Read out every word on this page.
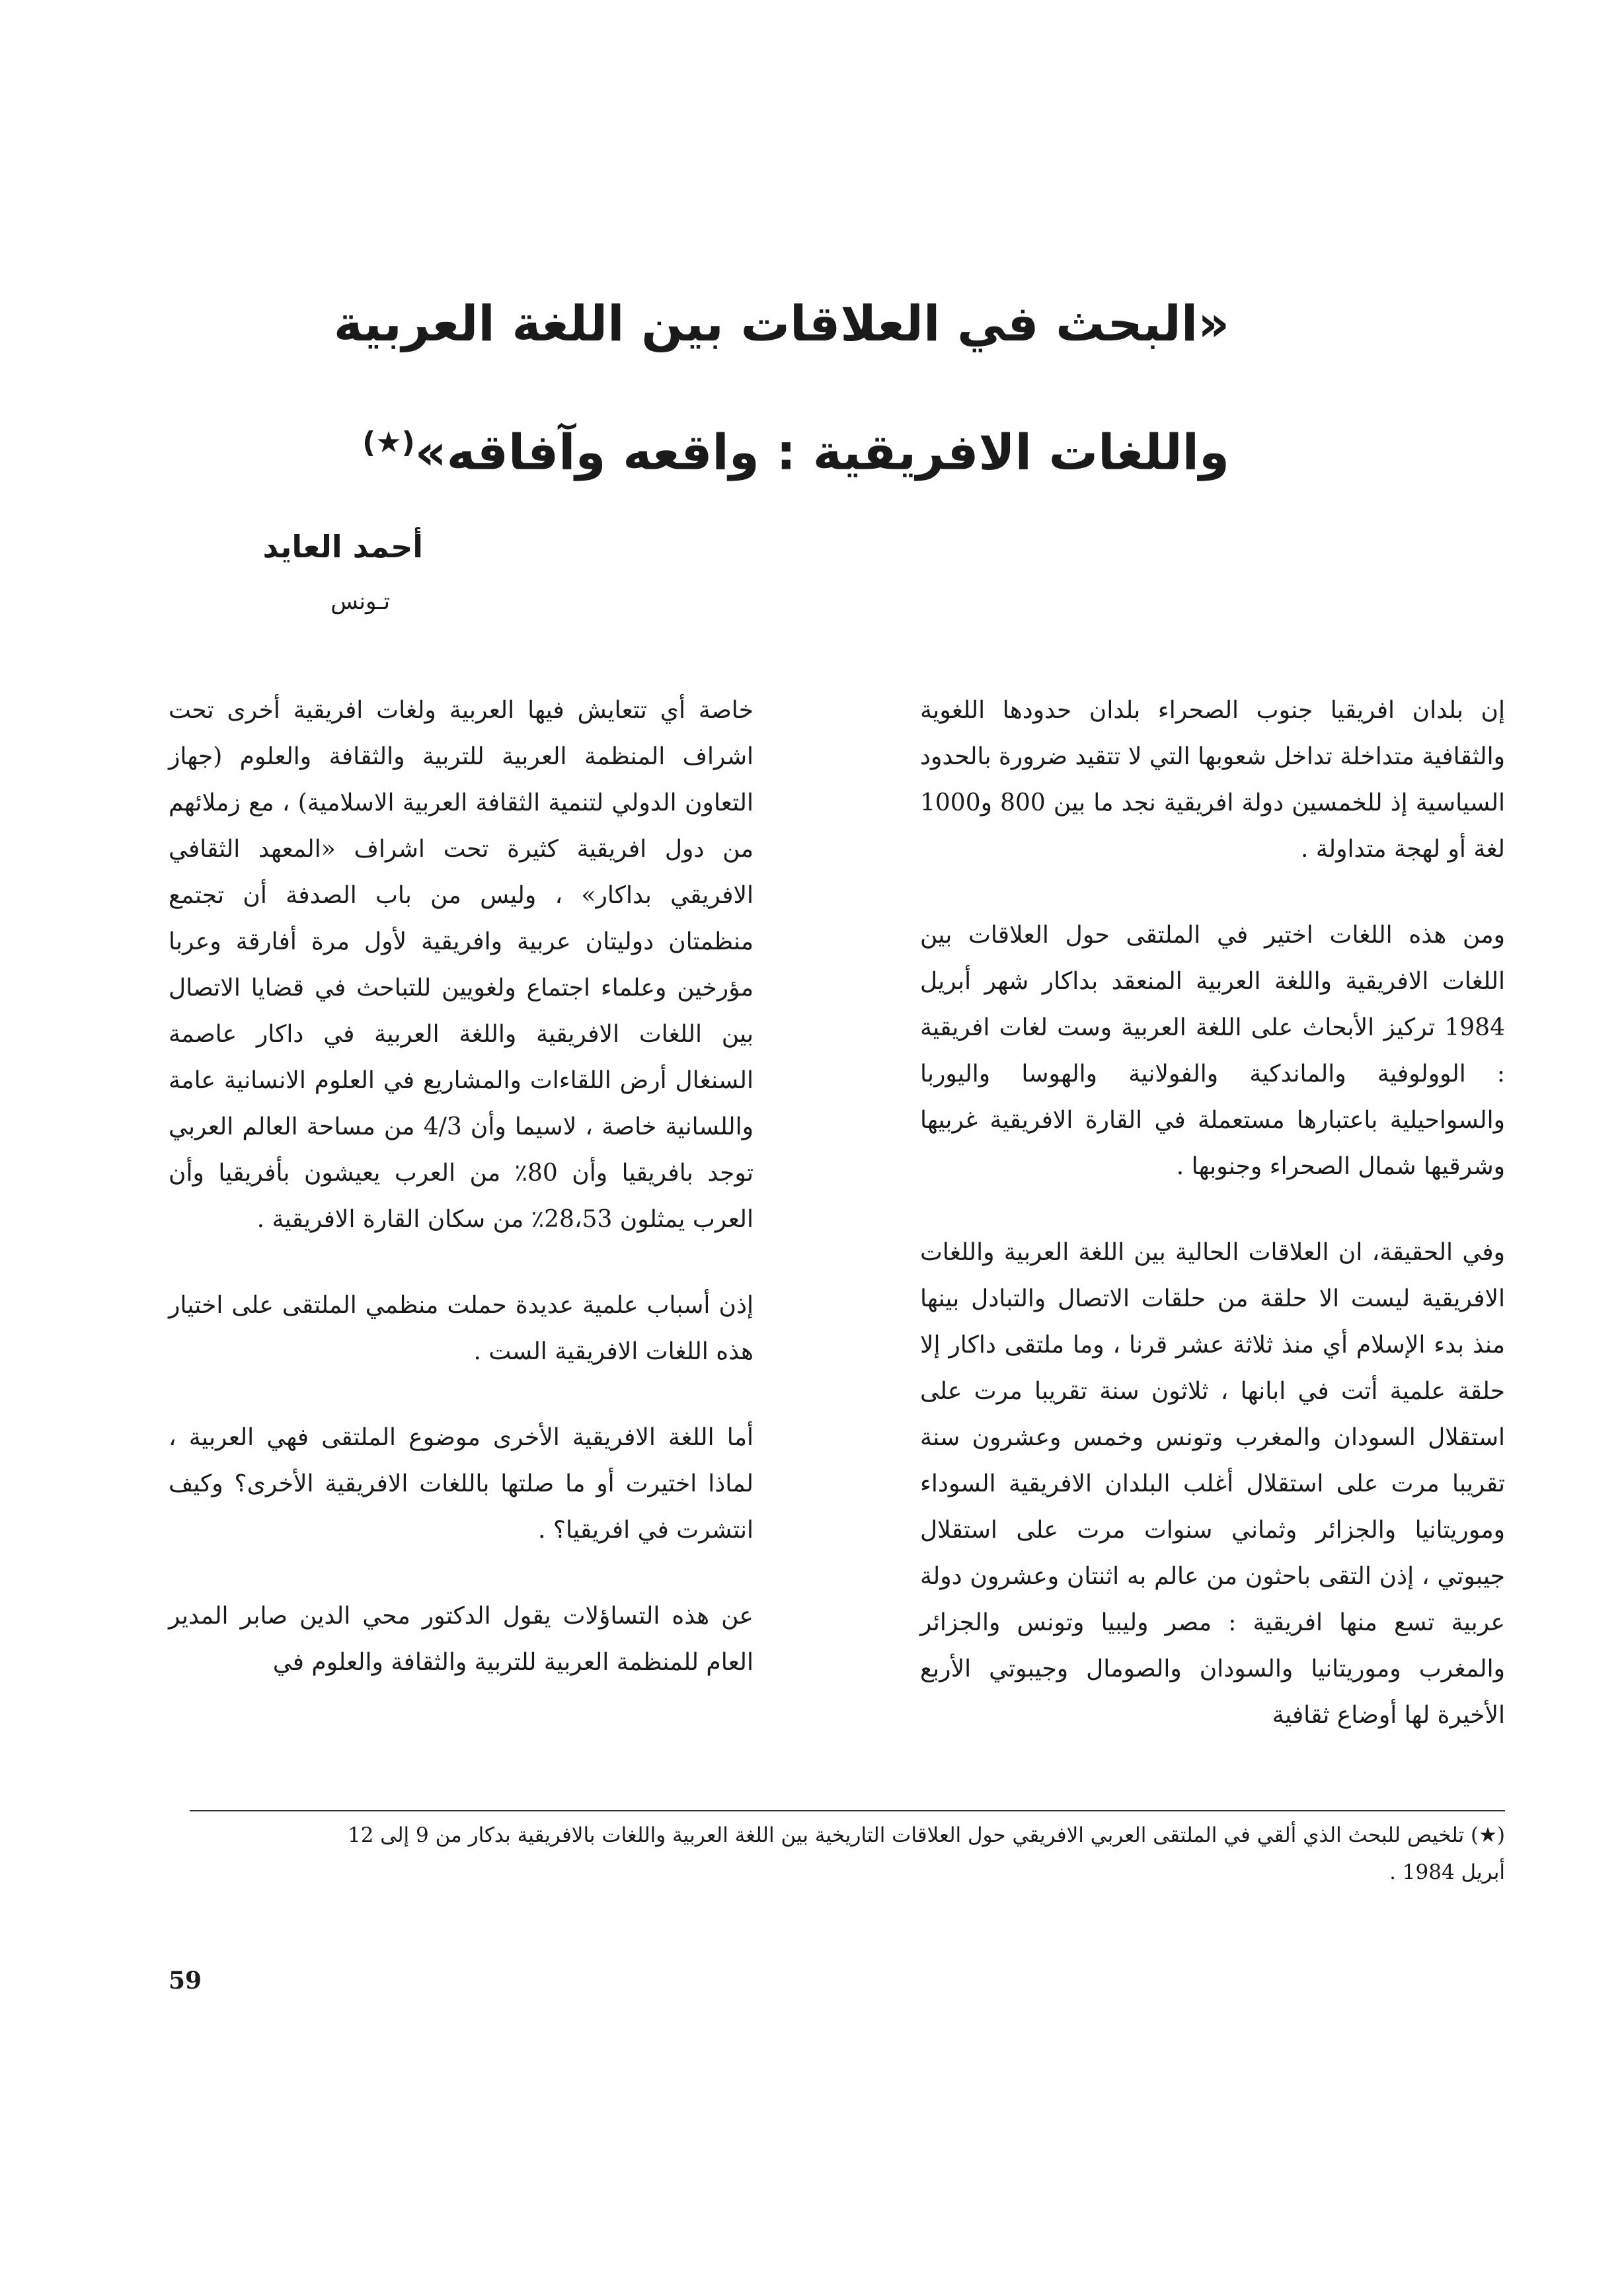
«البحث في العلاقات بين اللغة العربية
واللغات الافريقية : واقعه وآفاقه»(★)
أحمد العايد
تـونس

إن بلدان افريقيا جنوب الصحراء بلدان حدودها اللغوية والثقافية متداخلة تداخل شعوبها التي لا تتقيد ضرورة بالحدود السياسية إذ للخمسين دولة افريقية نجد ما بين 800 و1000 لغة أو لهجة متداولة .

ومن هذه اللغات اختير في الملتقى حول العلاقات بين اللغات الافريقية واللغة العربية المنعقد بداكار شهر أبريل 1984 تركيز الأبحاث على اللغة العربية وست لغات افريقية : الوولوفية والماندكية والفولانية والهوسا واليوربا والسواحيلية باعتبارها مستعملة في القارة الافريقية غربيها وشرقيها شمال الصحراء وجنوبها .

وفي الحقيقة، ان العلاقات الحالية بين اللغة العربية واللغات الافريقية ليست الا حلقة من حلقات الاتصال والتبادل بينها منذ بدء الإسلام أي منذ ثلاثة عشر قرنا ، وما ملتقى داكار إلا حلقة علمية أتت في ابانها ، ثلاثون سنة تقريبا مرت على استقلال السودان والمغرب وتونس وخمس وعشرون سنة تقريبا مرت على استقلال أغلب البلدان الافريقية السوداء وموريتانيا والجزائر وثماني سنوات مرت على استقلال جيبوتي ، إذن التقى باحثون من عالم به اثنتان وعشرون دولة عربية تسع منها افريقية : مصر وليبيا وتونس والجزائر والمغرب وموريتانيا والسودان والصومال وجيبوتي الأربع الأخيرة لها أوضاع ثقافية

خاصة أي تتعايش فيها العربية ولغات افريقية أخرى تحت اشراف المنظمة العربية للتربية والثقافة والعلوم (جهاز التعاون الدولي لتنمية الثقافة العربية الاسلامية) ، مع زملائهم من دول افريقية كثيرة تحت اشراف «المعهد الثقافي الافريقي بداكار» ، وليس من باب الصدفة أن تجتمع منظمتان دوليتان عربية وافريقية لأول مرة أفارقة وعربا مؤرخين وعلماء اجتماع ولغويين للتباحث في قضايا الاتصال بين اللغات الافريقية واللغة العربية في داكار عاصمة السنغال أرض اللقاءات والمشاريع في العلوم الانسانية عامة واللسانية خاصة ، لاسيما وأن 4/3 من مساحة العالم العربي توجد بافريقيا وأن 80٪ من العرب يعيشون بأفريقيا وأن العرب يمثلون 28،53٪ من سكان القارة الافريقية .

إذن أسباب علمية عديدة حملت منظمي الملتقى على اختيار هذه اللغات الافريقية الست .

أما اللغة الافريقية الأخرى موضوع الملتقى فهي العربية ، لماذا اختيرت أو ما صلتها باللغات الافريقية الأخرى؟ وكيف انتشرت في افريقيا؟ .

عن هذه التساؤلات يقول الدكتور محي الدين صابر المدير العام للمنظمة العربية للتربية والثقافة والعلوم في

(★) تلخيص للبحث الذي ألقي في الملتقى العربي الافريقي حول العلاقات التاريخية بين اللغة العربية واللغات بالافريقية بدكار من 9 إلى 12

أبريل 1984 .

59
